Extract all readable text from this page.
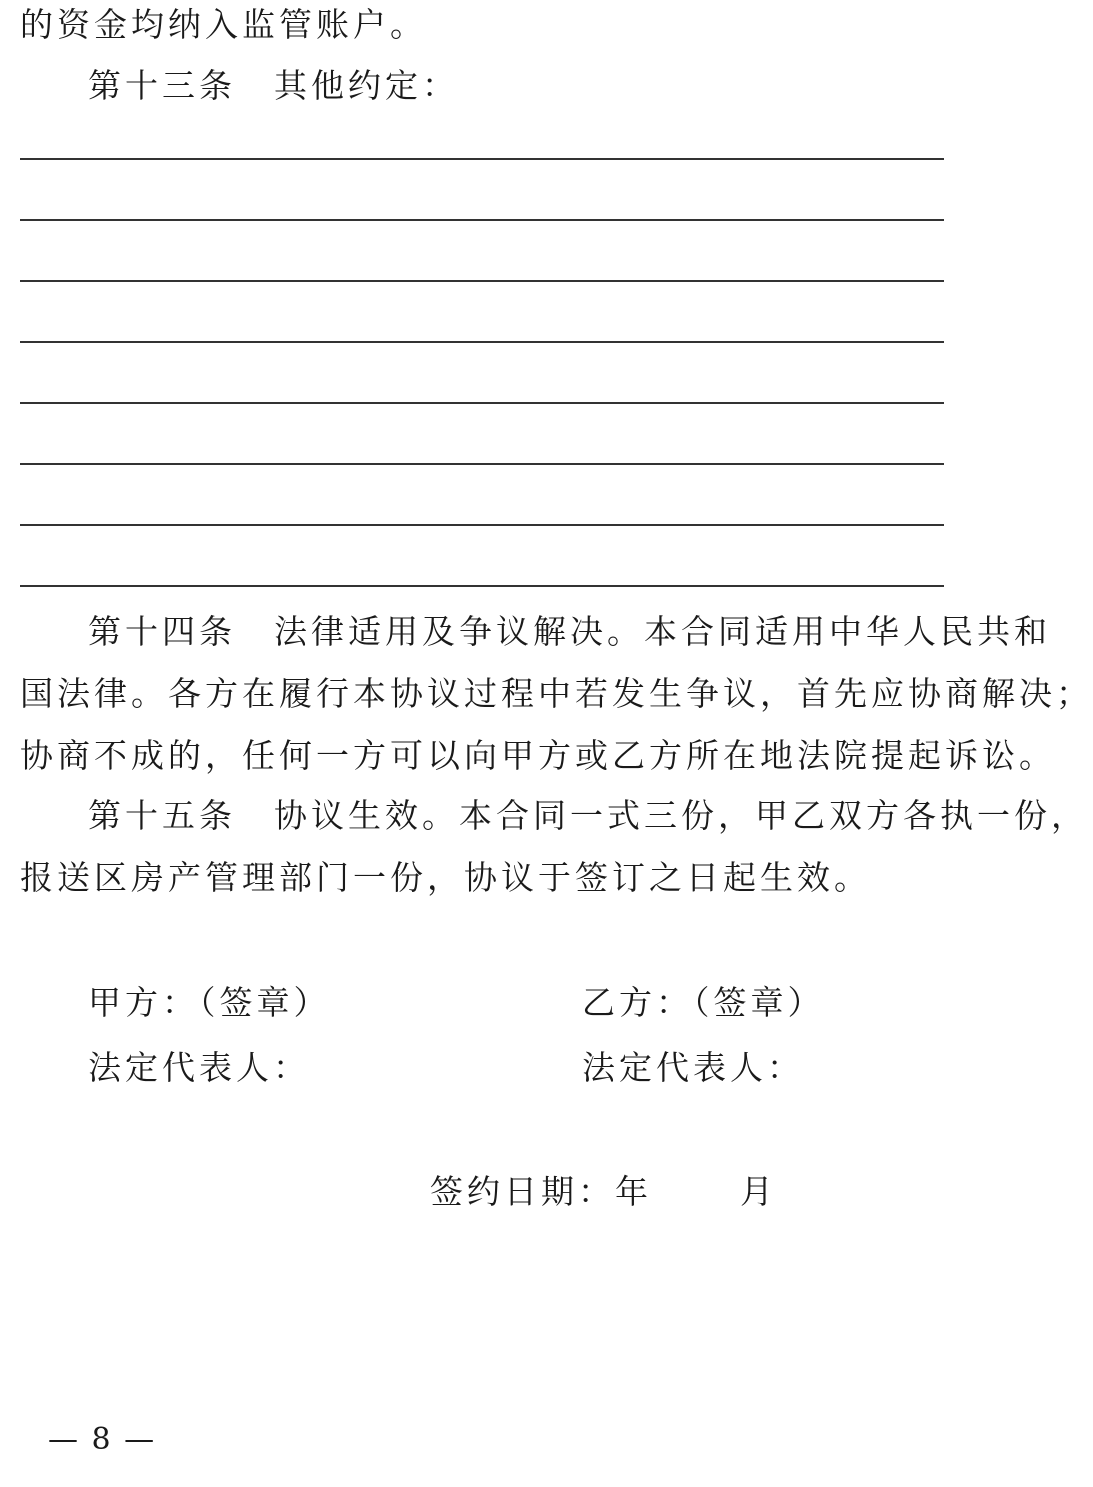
的资金均纳入监管账户。
第十三条 其他约定：
第十四条 法律适用及争议解决。本合同适用中华人民共和
国法律。各方在履行本协议过程中若发生争议，首先应协商解决；
协商不成的，任何一方可以向甲方或乙方所在地法院提起诉讼。
第十五条 协议生效。本合同一式三份，甲乙双方各执一份，
报送区房产管理部门一份，协议于签订之日起生效。
甲方：（签章）
法定代表人：
乙方：（签章）
法定代表人：
签约日期：年	月
— 8 —
